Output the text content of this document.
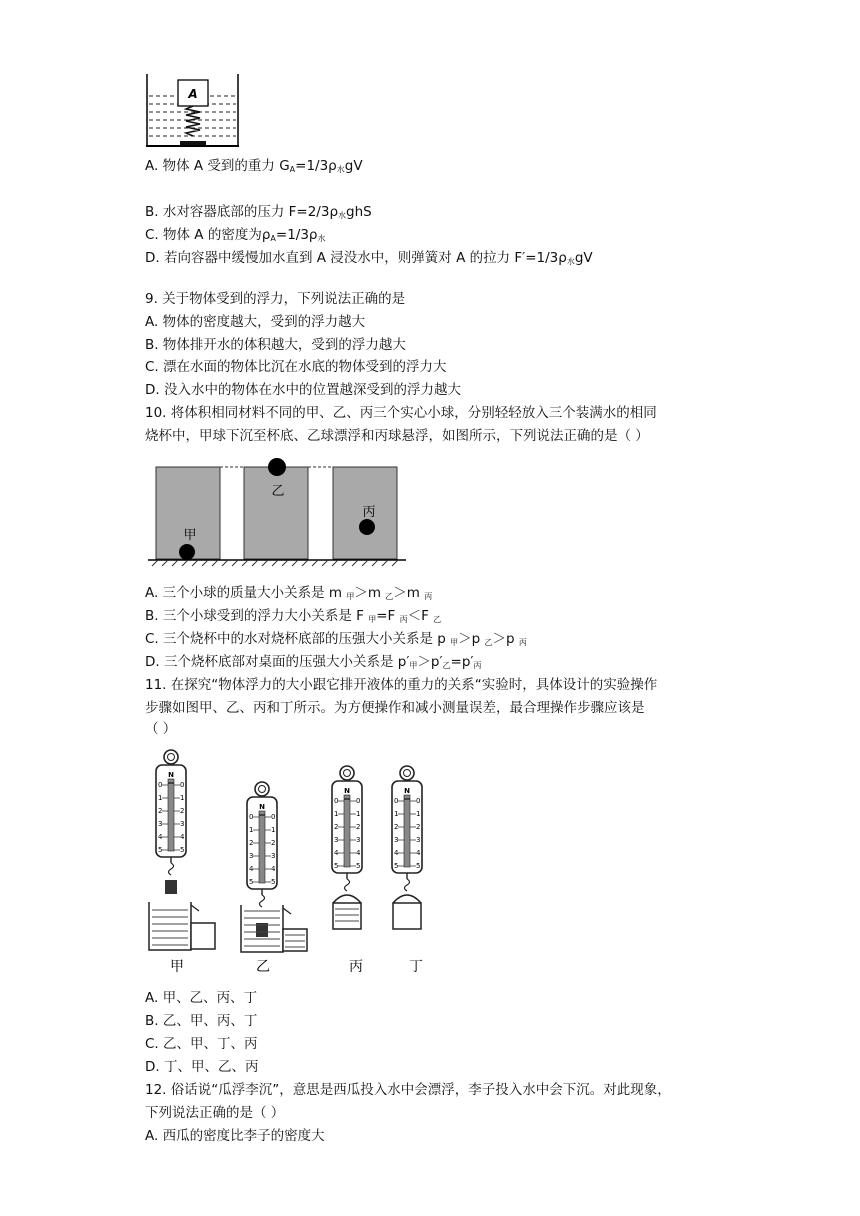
A
A. 物体 A 受到的重力 $G_A=1/3\rho_水gV$
B. 水对容器底部的压力 $F=2/3\rho_水ghS$
C. 物体 A 的密度为$\rho_A=1/3\rho_水$
D. 若向容器中缓慢加水直到 A 浸没水中，则弹簧对 A 的拉力 $F'=1/3\rho_水gV$
9. 关于物体受到的浮力，下列说法正确的是
A. 物体的密度越大，受到的浮力越大
B. 物体排开水的体积越大，受到的浮力越大
C. 漂在水面的物体比沉在水底的物体受到的浮力大
D. 没入水中的物体在水中的位置越深受到的浮力越大
10. 将体积相同材料不同的甲、乙、丙三个实心小球，分别轻轻放入三个装满水的相同
烧杯中，甲球下沉至杯底、乙球漂浮和丙球悬浮，如图所示，下列说法正确的是（ ）
甲
乙
丙
A. 三个小球的质量大小关系是 m $_甲$＞m $_乙$＞m $_丙$
B. 三个小球受到的浮力大小关系是 F $_甲$=F $_丙$＜F $_乙$
C. 三个烧杯中的水对烧杯底部的压强大小关系是 p $_甲$＞p $_乙$＞p $_丙$
D. 三个烧杯底部对桌面的压强大小关系是 $p'_甲>p'_乙=p'_丙$
11. 在探究“物体浮力的大小跟它排开液体的重力的关系“实验时，具体设计的实验操作
步骤如图甲、乙、丙和丁所示。为方便操作和减小测量误差，最合理操作步骤应该是
（ ）
N
0
1
2
3
4
5
0
1
2
3
4
5
N
0
1
2
3
4
5
0
1
2
3
4
5
N
0
1
2
3
4
5
0
1
2
3
4
5
N
0
1
2
3
4
5
0
1
2
3
4
5
甲	乙	丙	丁
A. 甲、乙、丙、丁
B. 乙、甲、丙、丁
C. 乙、甲、丁、丙
D. 丁、甲、乙、丙
12. 俗话说“瓜浮李沉”，意思是西瓜投入水中会漂浮，李子投入水中会下沉。对此现象，
下列说法正确的是（ ）
A. 西瓜的密度比李子的密度大
